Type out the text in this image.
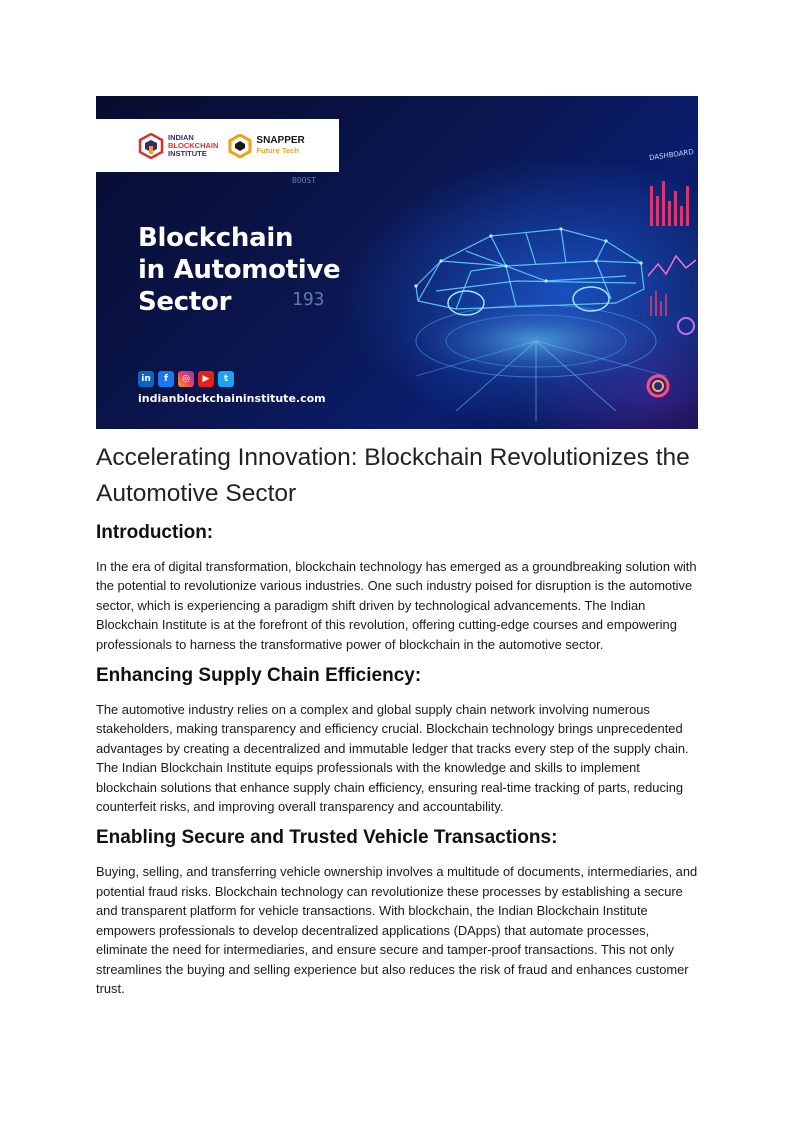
INDIAN
BLOCKCHAIN
INSTITUTE
SNAPPER
Future Tech
BOOST
193
DASHBOARD
Blockchain
in Automotive
Sector
in	f	◎	▶	t
indianblockchaininstitute.com
Accelerating Innovation: Blockchain Revolutionizes the Automotive Sector
Introduction:

In the era of digital transformation, blockchain technology has emerged as a groundbreaking solution with the potential to revolutionize various industries. One such industry poised for disruption is the automotive sector, which is experiencing a paradigm shift driven by technological advancements. The Indian Blockchain Institute is at the forefront of this revolution, offering cutting-edge courses and empowering professionals to harness the transformative power of blockchain in the automotive sector.

Enhancing Supply Chain Efficiency:

The automotive industry relies on a complex and global supply chain network involving numerous stakeholders, making transparency and efficiency crucial. Blockchain technology brings unprecedented advantages by creating a decentralized and immutable ledger that tracks every step of the supply chain. The Indian Blockchain Institute equips professionals with the knowledge and skills to implement blockchain solutions that enhance supply chain efficiency, ensuring real-time tracking of parts, reducing counterfeit risks, and improving overall transparency and accountability.

Enabling Secure and Trusted Vehicle Transactions:

Buying, selling, and transferring vehicle ownership involves a multitude of documents, intermediaries, and potential fraud risks. Blockchain technology can revolutionize these processes by establishing a secure and transparent platform for vehicle transactions. With blockchain, the Indian Blockchain Institute empowers professionals to develop decentralized applications (DApps) that automate processes, eliminate the need for intermediaries, and ensure secure and tamper-proof transactions. This not only streamlines the buying and selling experience but also reduces the risk of fraud and enhances customer trust.
